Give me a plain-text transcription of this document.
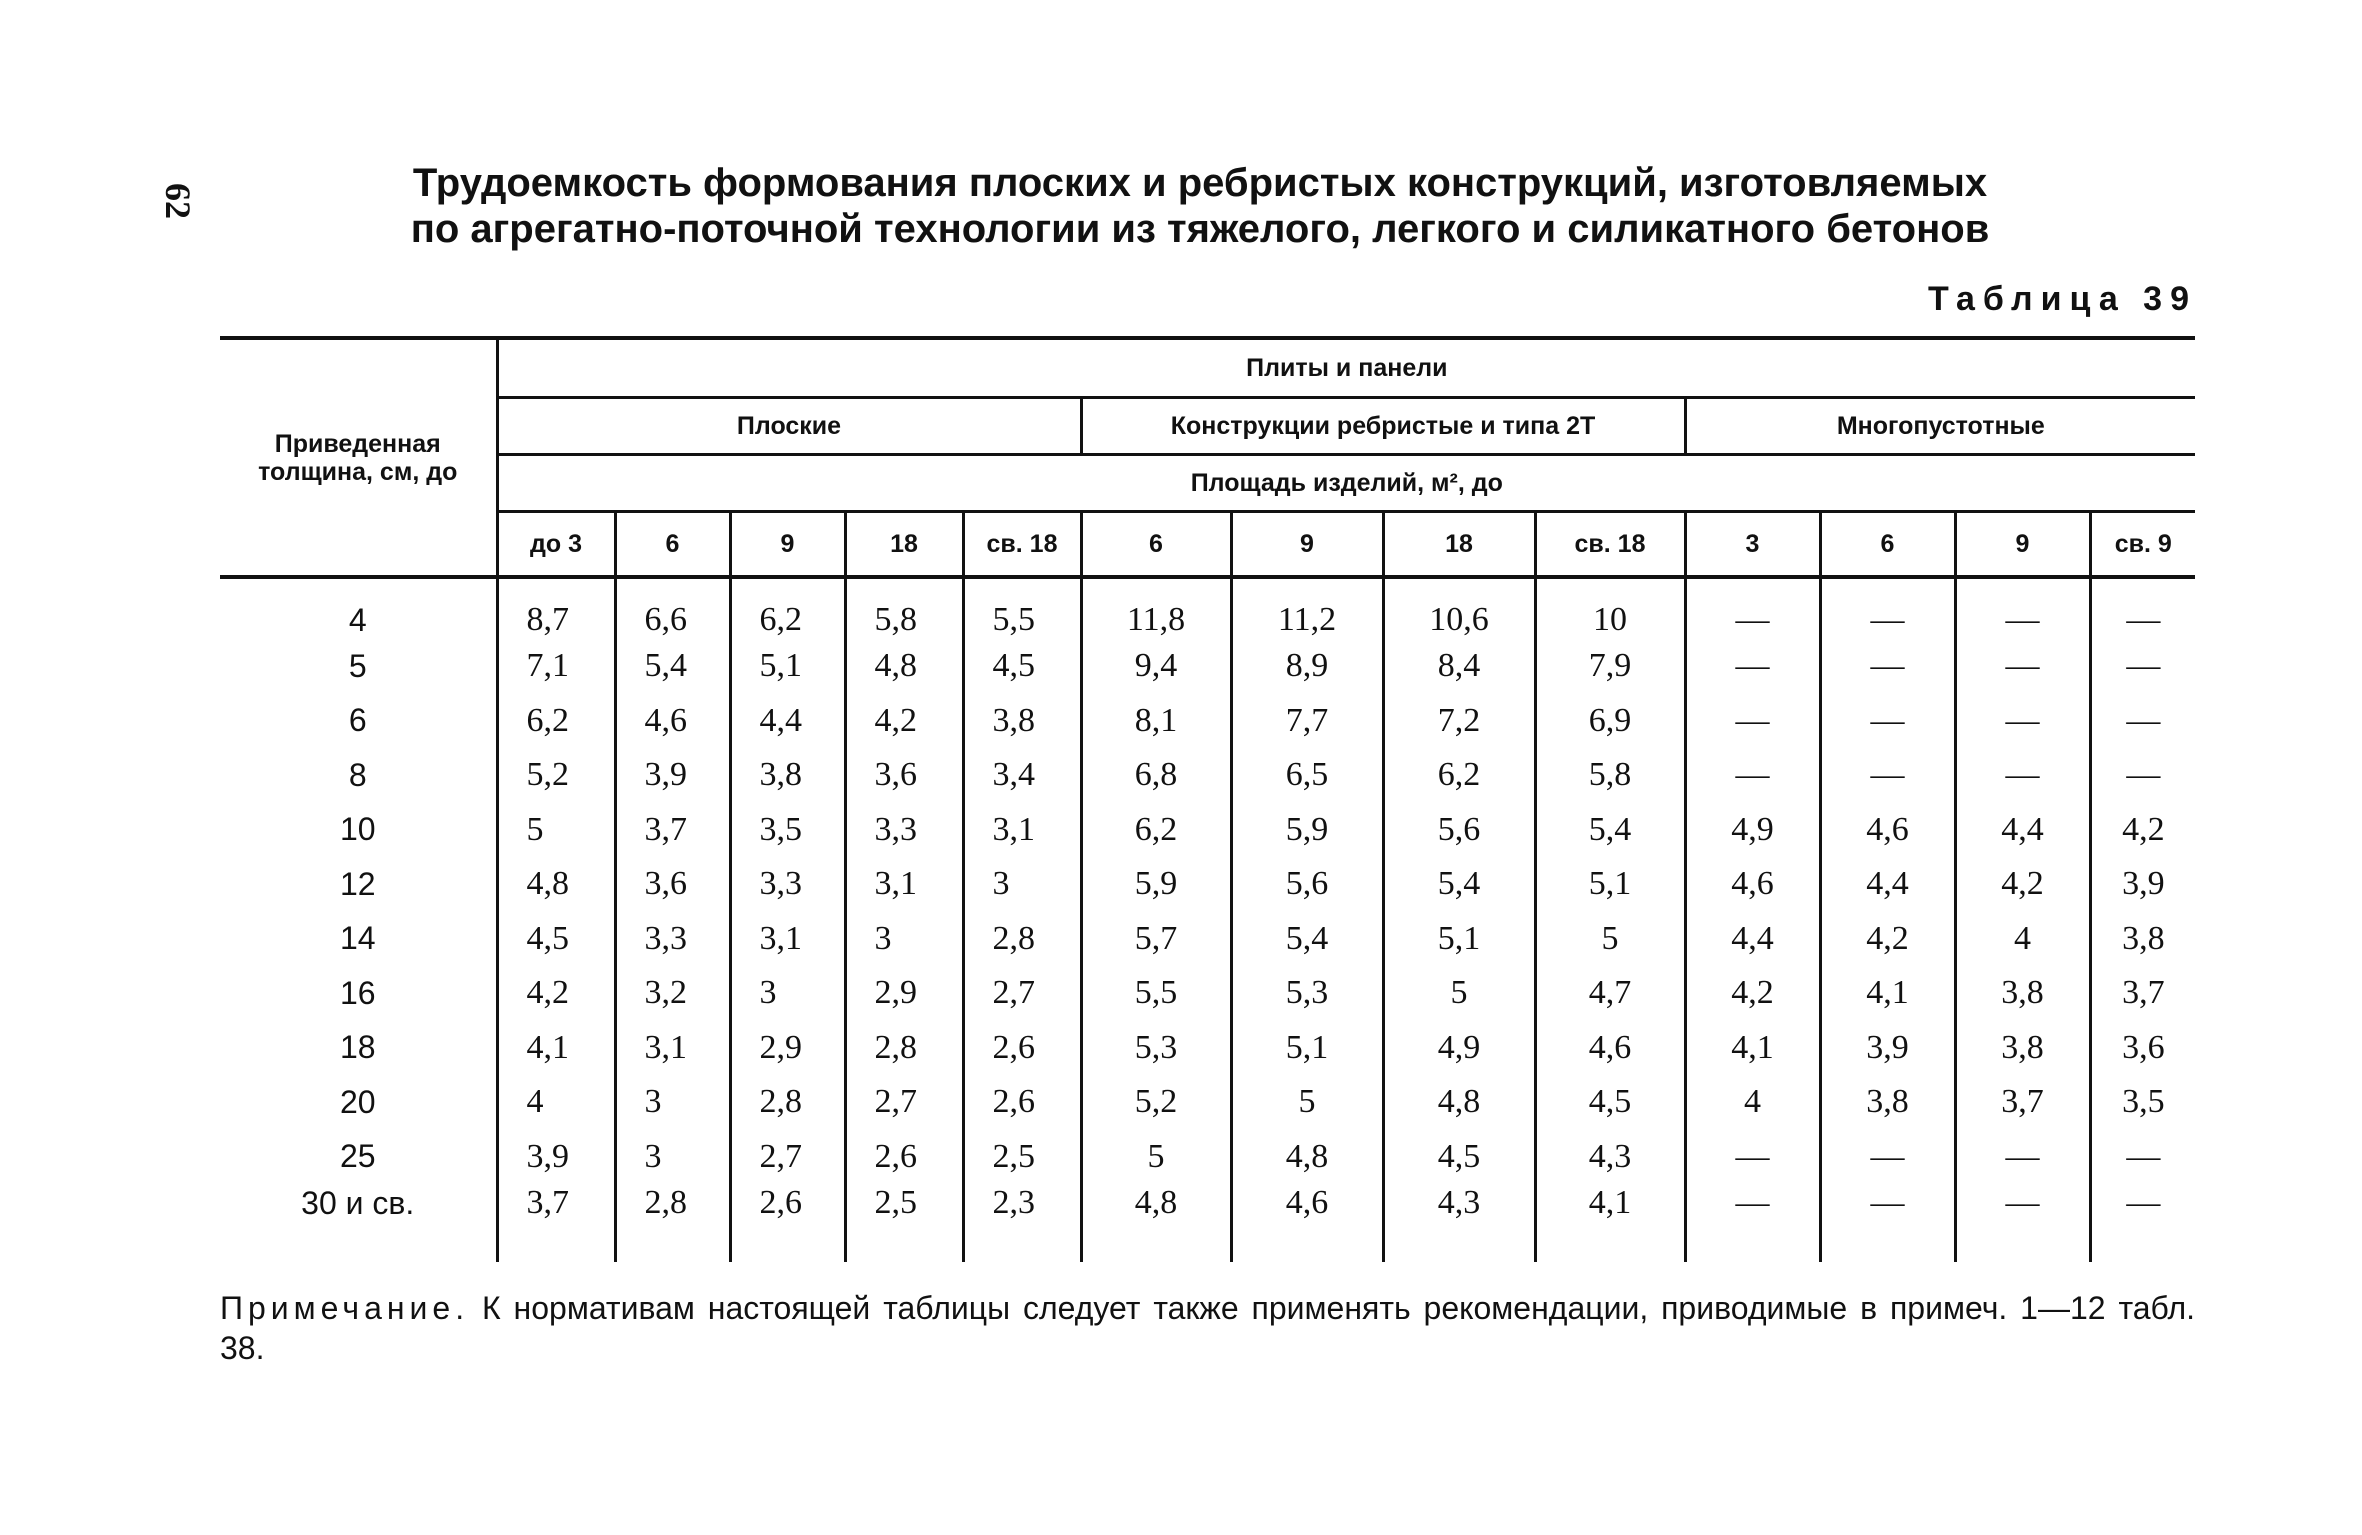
62	Трудоемкость формования плоских и ребристых конструкций, изготовляемых
по агрегатно-поточной технологии из тяжелого, легкого и силикатного бетонов
Таблица 39
Приведенная толщина, см, до	Плиты и панели												
	Плоские					Конструкции ребристые и типа 2Т				Многопустотные			
	Площадь изделий, м², до												
	до 3	6	9	18	св. 18	6	9	18	св. 18	3	6	9	св. 9
4	8,7	6,6	6,2	5,8	5,5	11,8	11,2	10,6	10	—	—	—	—
5	7,1	5,4	5,1	4,8	4,5	9,4	8,9	8,4	7,9	—	—	—	—
6	6,2	4,6	4,4	4,2	3,8	8,1	7,7	7,2	6,9	—	—	—	—
8	5,2	3,9	3,8	3,6	3,4	6,8	6,5	6,2	5,8	—	—	—	—
10	5	3,7	3,5	3,3	3,1	6,2	5,9	5,6	5,4	4,9	4,6	4,4	4,2
12	4,8	3,6	3,3	3,1	3	5,9	5,6	5,4	5,1	4,6	4,4	4,2	3,9
14	4,5	3,3	3,1	3	2,8	5,7	5,4	5,1	5	4,4	4,2	4	3,8
16	4,2	3,2	3	2,9	2,7	5,5	5,3	5	4,7	4,2	4,1	3,8	3,7
18	4,1	3,1	2,9	2,8	2,6	5,3	5,1	4,9	4,6	4,1	3,9	3,8	3,6
20	4	3	2,8	2,7	2,6	5,2	5	4,8	4,5	4	3,8	3,7	3,5
25	3,9	3	2,7	2,6	2,5	5	4,8	4,5	4,3	—	—	—	—
30 и св.	3,7	2,8	2,6	2,5	2,3	4,8	4,6	4,3	4,1	—	—	—	—
Примечание. К нормативам настоящей таблицы следует также применять рекомендации, приводимые в примеч. 1—12 табл. 38.
